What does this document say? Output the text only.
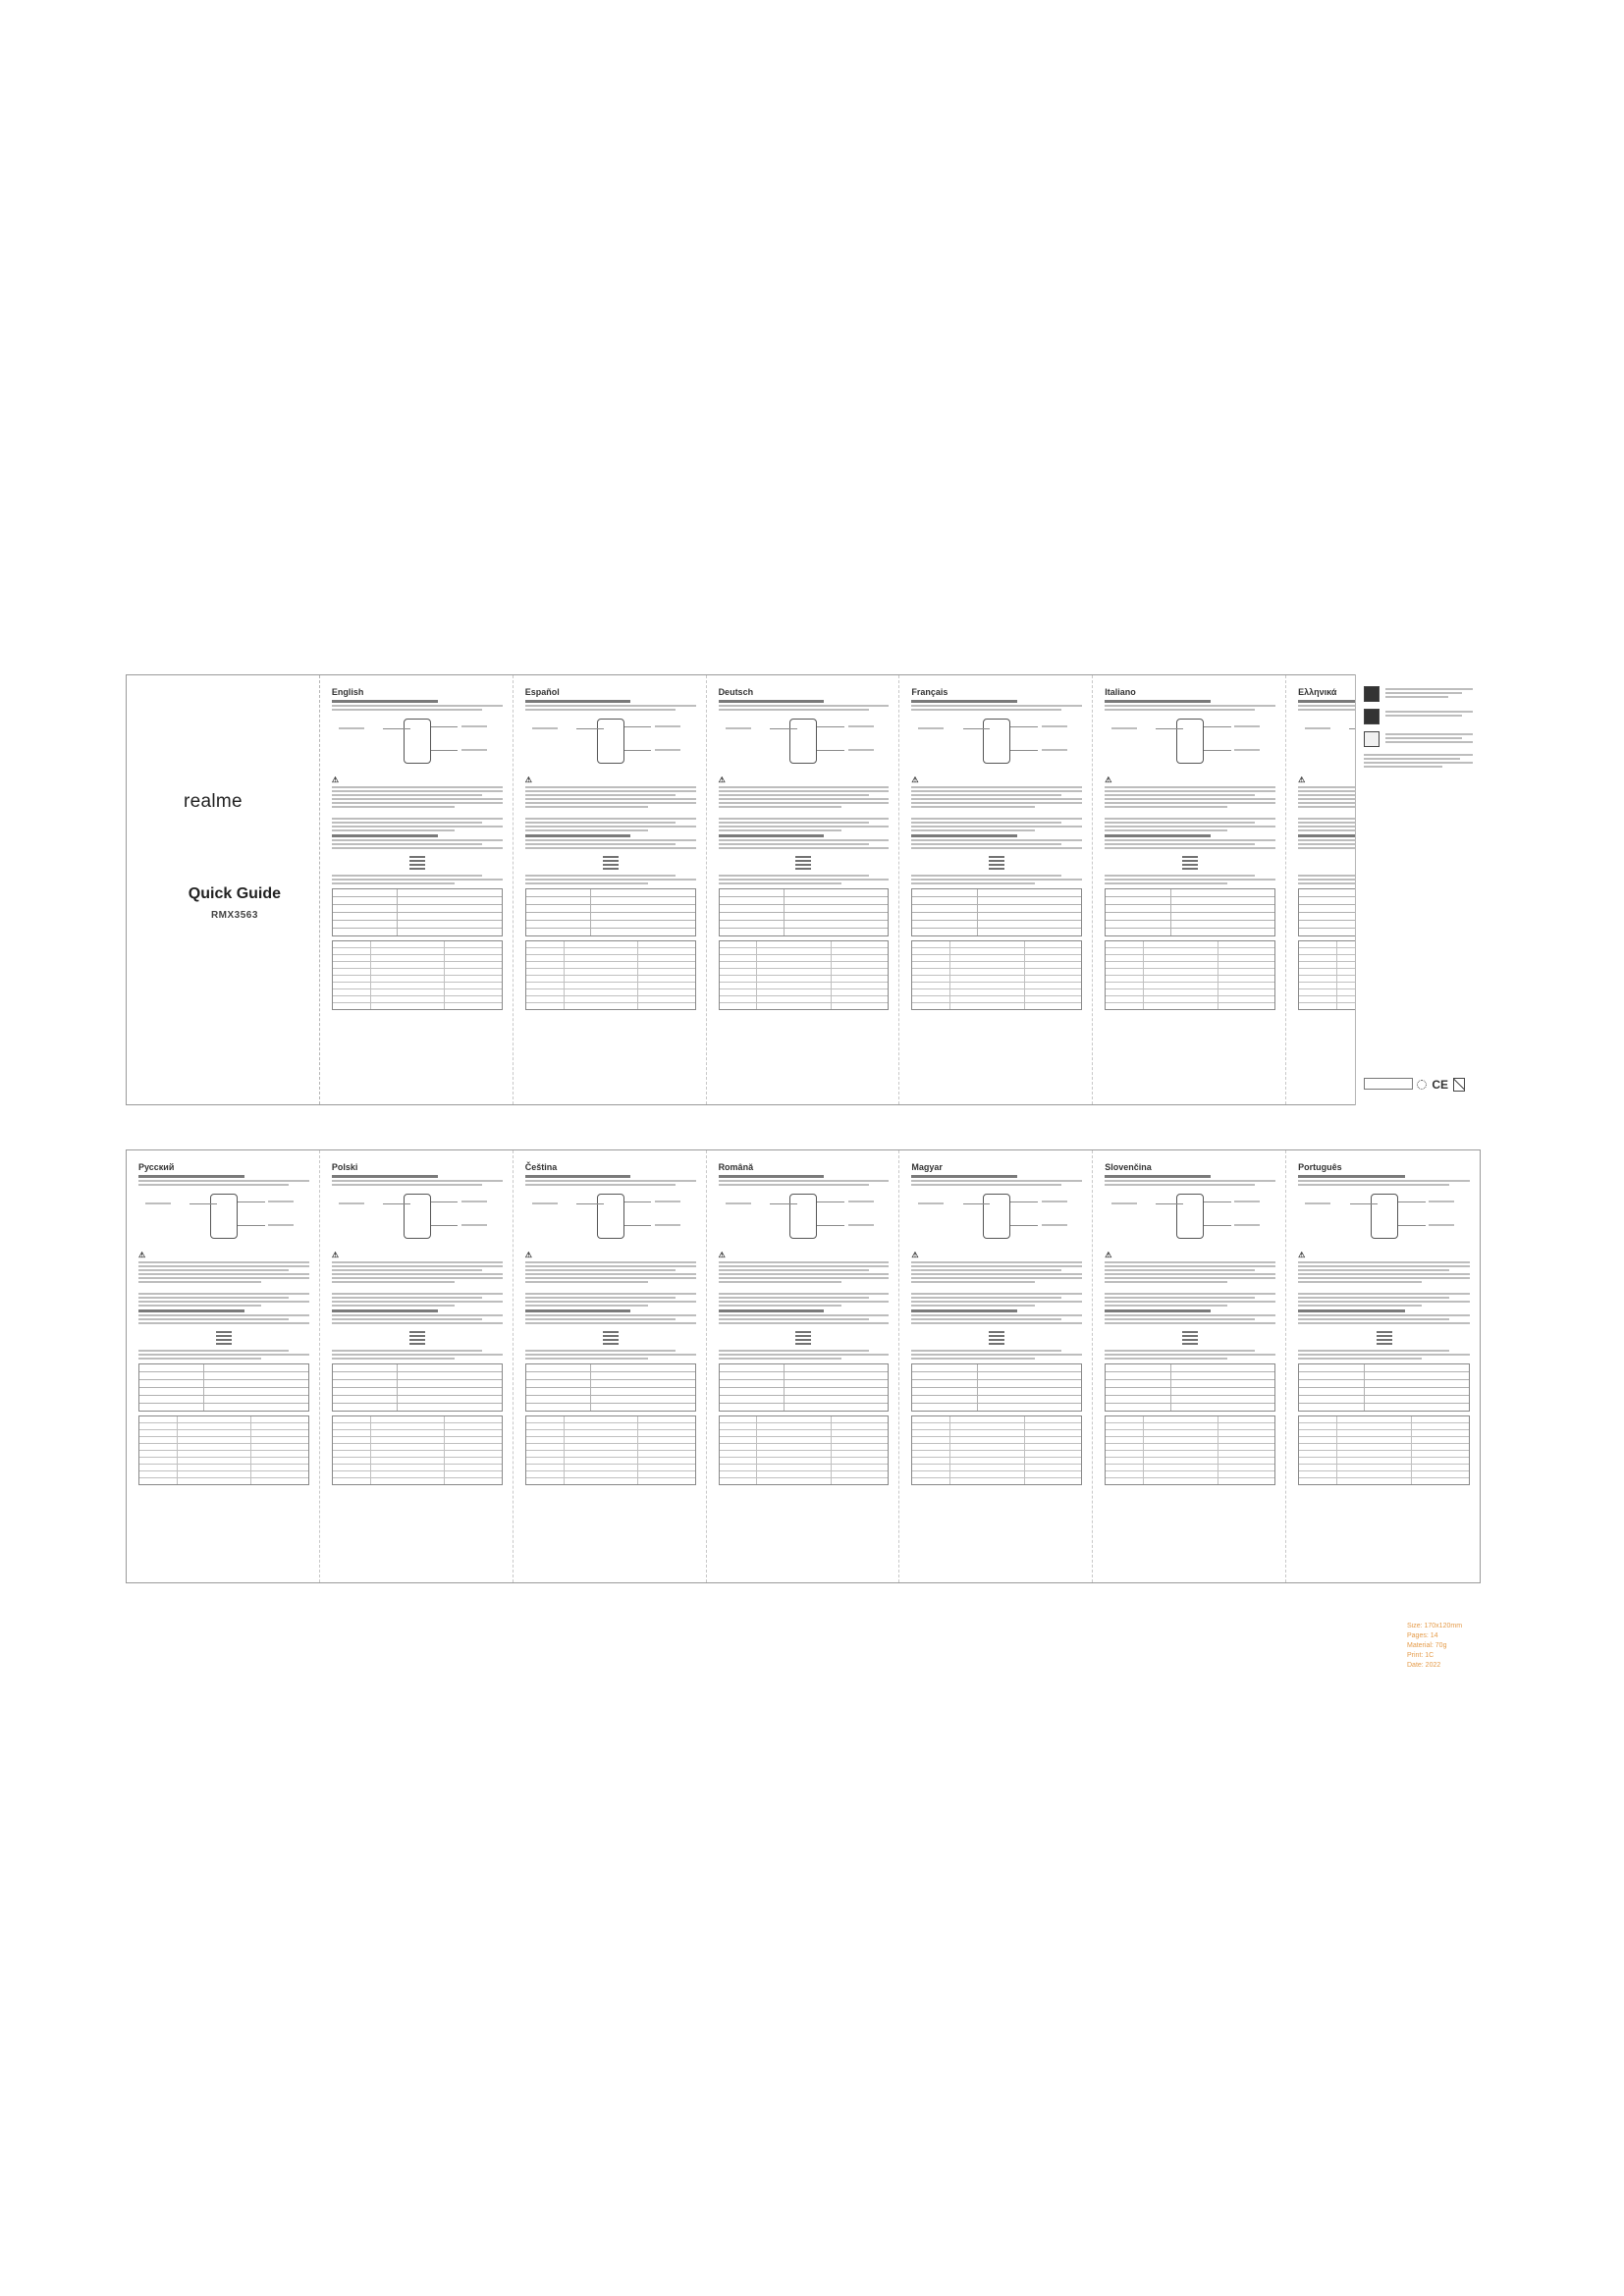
realme
Quick Guide
RMX3563
English
⚠
Español
⚠
Deutsch
⚠
Français
⚠
Italiano
⚠
Ελληνικά
⚠
CE
Русский
⚠
Polski
⚠
Čeština
⚠
Română
⚠
Magyar
⚠
Slovenčina
⚠
Português
⚠
Size: 170x120mm
Pages: 14
Material: 70g
Print: 1C
Date: 2022
